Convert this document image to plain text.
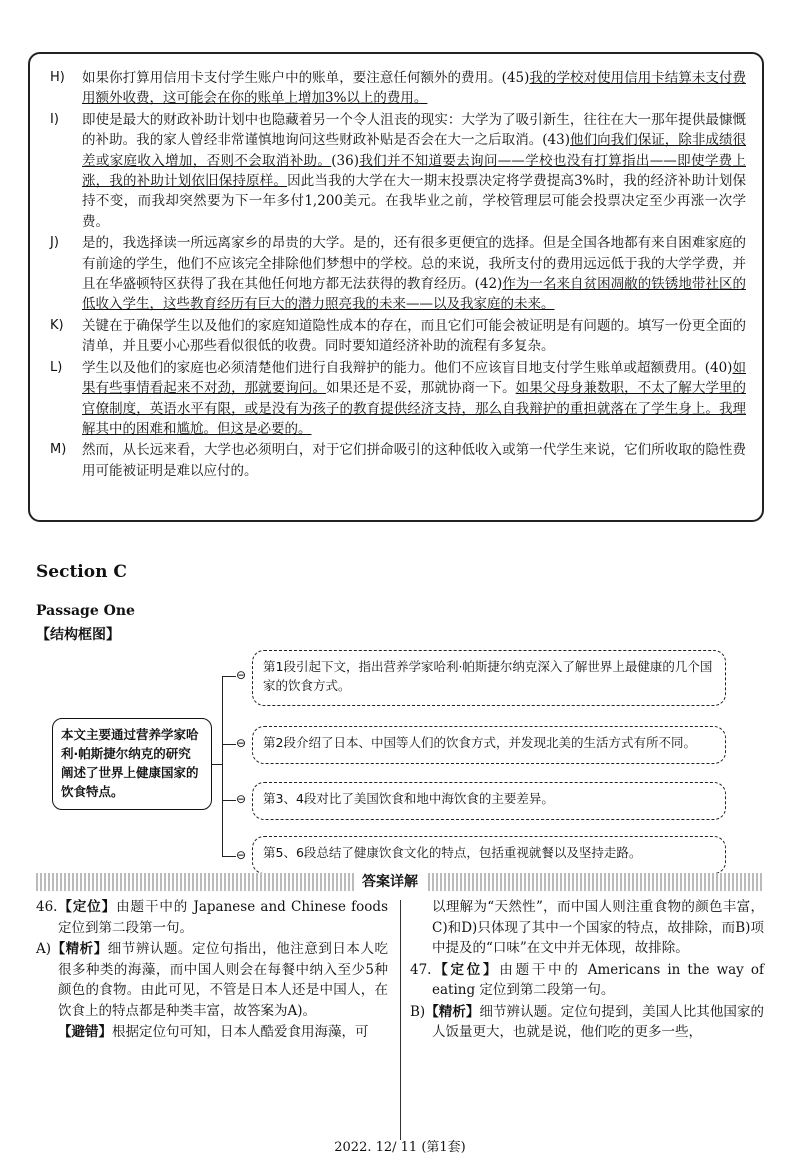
H)	如果你打算用信用卡支付学生账户中的账单，要注意任何额外的费用。(45)我的学校对使用信用卡结算未支付费用额外收费，这可能会在你的账单上增加3%以上的费用。
I)	即使是最大的财政补助计划中也隐藏着另一个令人沮丧的现实：大学为了吸引新生，往往在大一那年提供最慷慨的补助。我的家人曾经非常谨慎地询问这些财政补贴是否会在大一之后取消。(43)他们向我们保证，除非成绩很差或家庭收入增加，否则不会取消补助。(36)我们并不知道要去询问——学校也没有打算指出——即使学费上涨，我的补助计划依旧保持原样。因此当我的大学在大一期末投票决定将学费提高3%时，我的经济补助计划保持不变，而我却突然要为下一年多付1,200美元。在我毕业之前，学校管理层可能会投票决定至少再涨一次学费。
J)	是的，我选择读一所远离家乡的昂贵的大学。是的，还有很多更便宜的选择。但是全国各地都有来自困难家庭的有前途的学生，他们不应该完全排除他们梦想中的学校。总的来说，我所支付的费用远远低于我的大学学费，并且在华盛顿特区获得了我在其他任何地方都无法获得的教育经历。(42)作为一名来自贫困凋敝的铁锈地带社区的低收入学生，这些教育经历有巨大的潜力照亮我的未来——以及我家庭的未来。
K)	关键在于确保学生以及他们的家庭知道隐性成本的存在，而且它们可能会被证明是有问题的。填写一份更全面的清单，并且要小心那些看似很低的收费。同时要知道经济补助的流程有多复杂。
L)	学生以及他们的家庭也必须清楚他们进行自我辩护的能力。他们不应该盲目地支付学生账单或超额费用。(40)如果有些事情看起来不对劲，那就要询问。如果还是不妥，那就协商一下。如果父母身兼数职，不太了解大学里的官僚制度，英语水平有限，或是没有为孩子的教育提供经济支持，那么自我辩护的重担就落在了学生身上。我理解其中的困难和尴尬。但这是必要的。
M)	然而，从长远来看，大学也必须明白，对于它们拼命吸引的这种低收入或第一代学生来说，它们所收取的隐性费用可能被证明是难以应付的。
Section C
Passage One
【结构框图】
本文主要通过营养学家哈利·帕斯捷尔纳克的研究阐述了世界上健康国家的饮食特点。
⊖
第1段引起下文，指出营养学家哈利·帕斯捷尔纳克深入了解世界上最健康的几个国家的饮食方式。
⊖	第2段介绍了日本、中国等人们的饮食方式，并发现北美的生活方式有所不同。
⊖	第3、4段对比了美国饮食和地中海饮食的主要差异。
⊖	第5、6段总结了健康饮食文化的特点，包括重视就餐以及坚持走路。
答案详解

46.【定位】由题干中的 Japanese and Chinese foods 定位到第二段第一句。

A)【精析】细节辨认题。定位句指出，他注意到日本人吃很多种类的海藻，而中国人则会在每餐中纳入至少5种颜色的食物。由此可见，不管是日本人还是中国人，在饮食上的特点都是种类丰富，故答案为A)。

【避错】根据定位句可知，日本人酷爱食用海藻，可

以理解为“天然性”，而中国人则注重食物的颜色丰富，C)和D)只体现了其中一个国家的特点，故排除，而B)项中提及的“口味”在文中并无体现，故排除。

47.【定位】由题干中的 Americans in the way of eating 定位到第二段第一句。

B)【精析】细节辨认题。定位句提到，美国人比其他国家的人饭量更大，也就是说，他们吃的更多一些，

2022. 12/ 11 (第1套)
